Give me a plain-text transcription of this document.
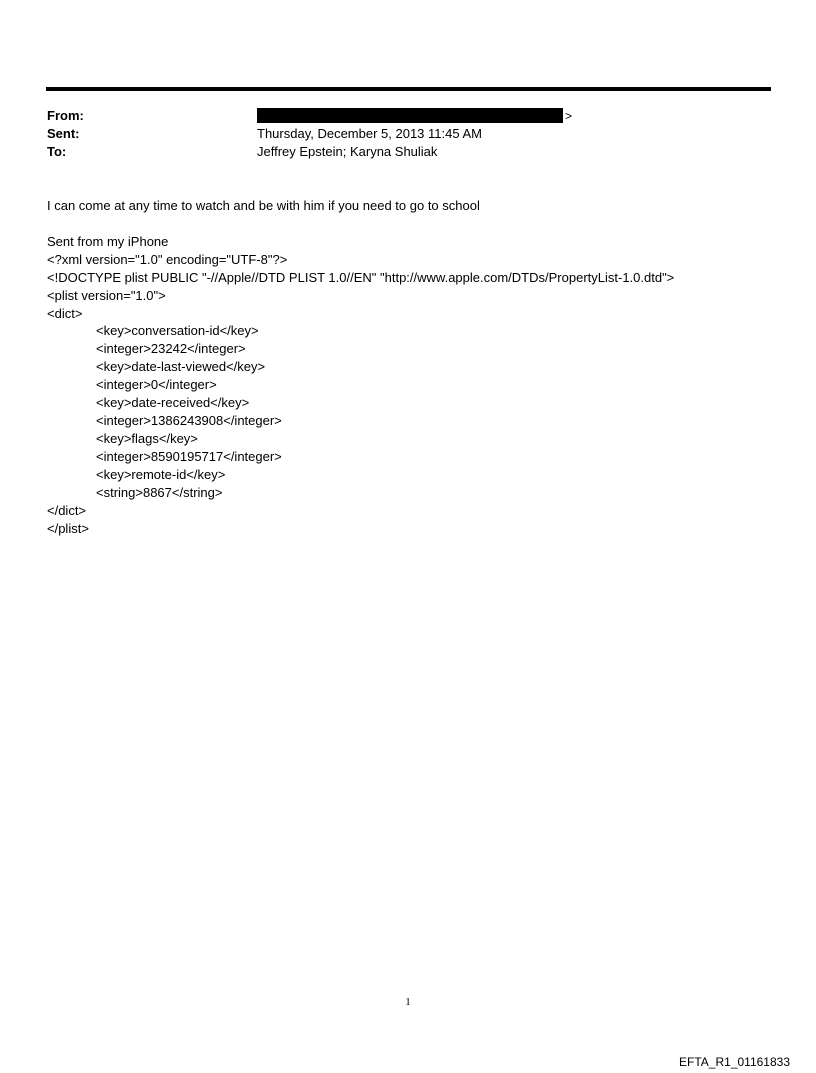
From:	>
Sent:	Thursday, December 5, 2013 11:45 AM
To:	Jeffrey Epstein; Karyna Shuliak
I can come at any time to watch and be with him if you need to go to school
Sent from my iPhone
<?xml version="1.0" encoding="UTF-8"?>
<!DOCTYPE plist PUBLIC "-//Apple//DTD PLIST 1.0//EN" "http://www.apple.com/DTDs/PropertyList-1.0.dtd">
<plist version="1.0">
<dict>
<key>conversation-id</key>
<integer>23242</integer>
<key>date-last-viewed</key>
<integer>0</integer>
<key>date-received</key>
<integer>1386243908</integer>
<key>flags</key>
<integer>8590195717</integer>
<key>remote-id</key>
<string>8867</string>
</dict>
</plist>
1
EFTA_R1_01161833
